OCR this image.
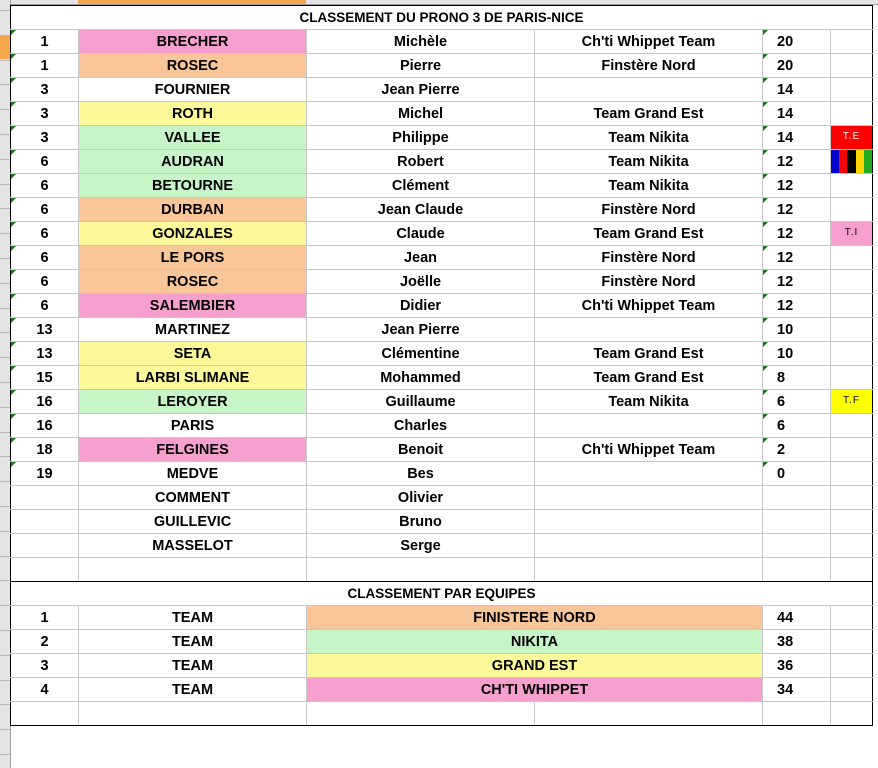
CLASSEMENT DU PRONO 3 DE PARIS-NICE					
1	BRECHER	Michèle	Ch'ti Whippet Team	20

1	ROSEC	Pierre	Finstère Nord	20

3	FOURNIER	Jean Pierre		14

3	ROTH	Michel	Team Grand Est	14

3	VALLEE	Philippe	Team Nikita	14	T.E

6	AUDRAN	Robert	Team Nikita	12

6	BETOURNE	Clément	Team Nikita	12

6	DURBAN	Jean Claude	Finstère Nord	12

6	GONZALES	Claude	Team Grand Est	12	T.I

6	LE PORS	Jean	Finstère Nord	12

6	ROSEC	Joëlle	Finstère Nord	12

6	SALEMBIER	Didier	Ch'ti Whippet Team	12

13	MARTINEZ	Jean Pierre		10

13	SETA	Clémentine	Team Grand Est	10

15	LARBI SLIMANE	Mohammed	Team Grand Est	8

16	LEROYER	Guillaume	Team Nikita	6	T.F

16	PARIS	Charles		6

18	FELGINES	Benoit	Ch'ti Whippet Team	2

19	MEDVE	Bes		0

	COMMENT	Olivier			
	GUILLEVIC	Bruno			
	MASSELOT	Serge			

CLASSEMENT PAR EQUIPES					
1	TEAM	FINISTERE NORD		44	
2	TEAM	NIKITA		38	
3	TEAM	GRAND EST		36	
4	TEAM	CH'TI WHIPPET		34	
